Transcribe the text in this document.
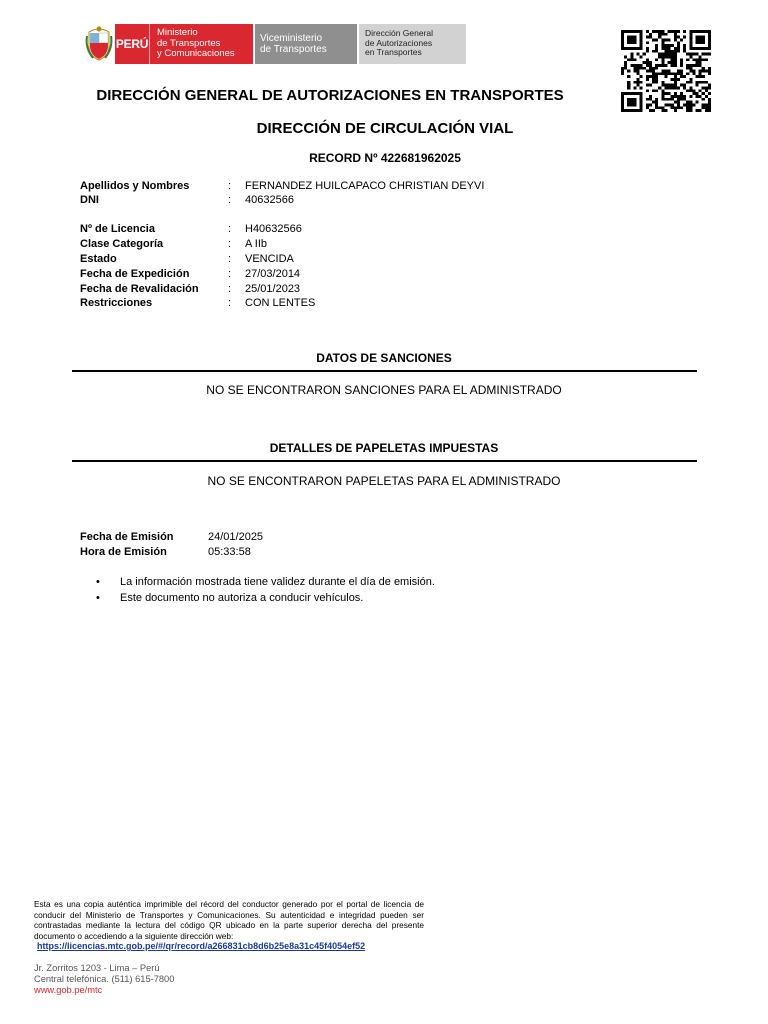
PERÚ
Ministerio
de Transportes
y Comunicaciones
Viceministerio
de Transportes
Dirección General
de Autorizaciones
en Transportes
DIRECCIÓN GENERAL DE AUTORIZACIONES EN TRANSPORTES
DIRECCIÓN DE CIRCULACIÓN VIAL
RECORD Nº 422681962025
Apellidos y Nombres	:	FERNANDEZ HUILCAPACO CHRISTIAN DEYVI
DNI	:	40632566
Nº de Licencia	:	H40632566
Clase Categoría	:	A IIb
Estado	:	VENCIDA
Fecha de Expedición	:	27/03/2014
Fecha de Revalidación	:	25/01/2023
Restricciones	:	CON LENTES
DATOS DE SANCIONES
NO SE ENCONTRARON SANCIONES PARA EL ADMINISTRADO
DETALLES DE PAPELETAS IMPUESTAS
NO SE ENCONTRARON PAPELETAS PARA EL ADMINISTRADO
Fecha de Emisión	24/01/2025
Hora de Emisión	05:33:58
• La información mostrada tiene validez durante el día de emisión.
• Este documento no autoriza a conducir vehículos.
Esta es una copia auténtica imprimible del récord del conductor generado por el portal de licencia de conducir del Ministerio de Transportes y Comunicaciones. Su autenticidad e integridad pueden ser contrastadas mediante la lectura del código QR ubicado en la parte superior derecha del presente documento o accediendo a la siguiente dirección web:
https://licencias.mtc.gob.pe/#/qr/record/a266831cb8d6b25e8a31c45f4054ef52
Jr. Zorritos 1203 - Lima – Perú
Central telefónica. (511) 615-7800
www.gob.pe/mtc
